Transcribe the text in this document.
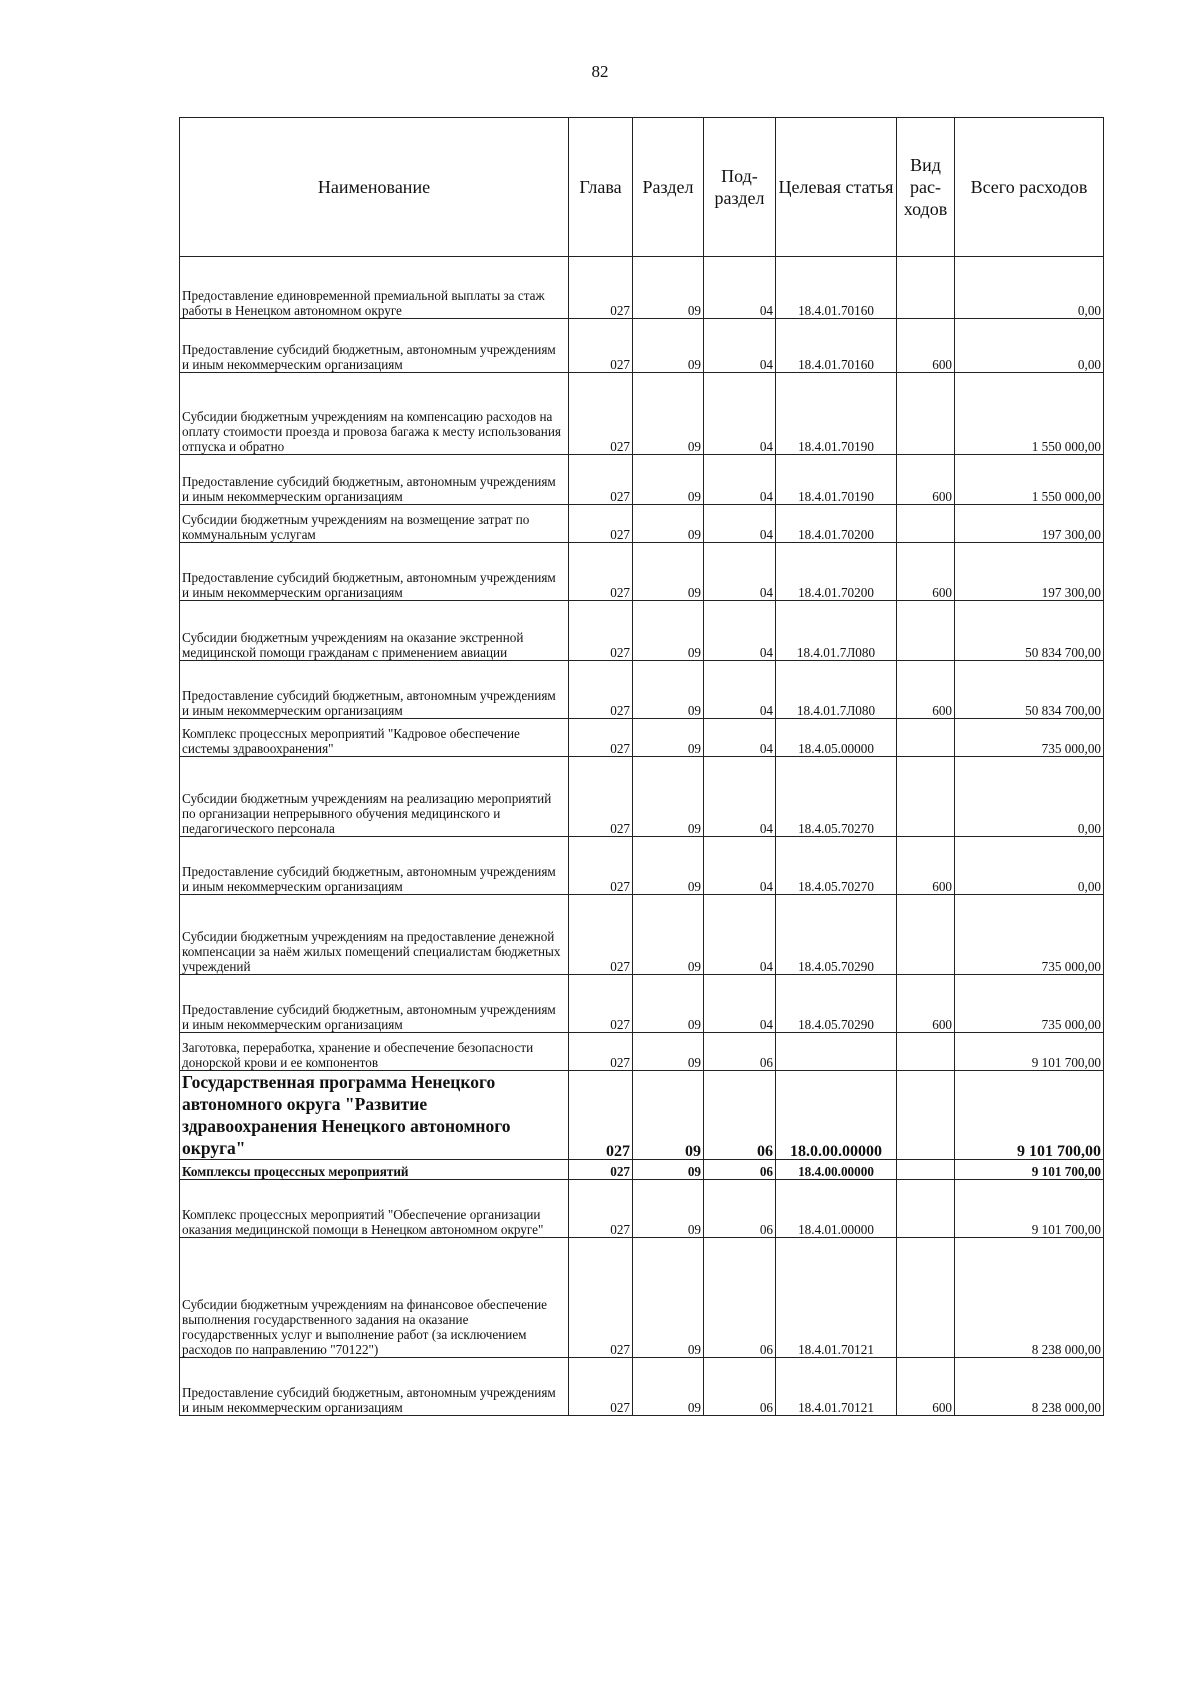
82
Наименование	Глава	Раздел	Под-раздел	Целевая статья	Вид рас-ходов	Всего расходов
Предоставление единовременной премиальной выплаты за стаж работы в Ненецком автономном округе	027	09	04	18.4.01.70160		0,00
Предоставление субсидий бюджетным, автономным учреждениям и иным некоммерческим организациям	027	09	04	18.4.01.70160	600	0,00
Субсидии бюджетным учреждениям на компенсацию расходов на оплату стоимости проезда и провоза багажа к месту использования отпуска и обратно	027	09	04	18.4.01.70190		1 550 000,00
Предоставление субсидий бюджетным, автономным учреждениям и иным некоммерческим организациям	027	09	04	18.4.01.70190	600	1 550 000,00
Субсидии бюджетным учреждениям на возмещение затрат по коммунальным услугам	027	09	04	18.4.01.70200		197 300,00
Предоставление субсидий бюджетным, автономным учреждениям и иным некоммерческим организациям	027	09	04	18.4.01.70200	600	197 300,00
Субсидии бюджетным учреждениям на оказание экстренной медицинской помощи гражданам с применением авиации	027	09	04	18.4.01.7Л080		50 834 700,00
Предоставление субсидий бюджетным, автономным учреждениям и иным некоммерческим организациям	027	09	04	18.4.01.7Л080	600	50 834 700,00
Комплекс процессных мероприятий "Кадровое обеспечение системы здравоохранения"	027	09	04	18.4.05.00000		735 000,00
Субсидии бюджетным учреждениям на реализацию мероприятий по организации непрерывного обучения медицинского и педагогического персонала	027	09	04	18.4.05.70270		0,00
Предоставление субсидий бюджетным, автономным учреждениям и иным некоммерческим организациям	027	09	04	18.4.05.70270	600	0,00
Субсидии бюджетным учреждениям на предоставление денежной компенсации за наём жилых помещений специалистам бюджетных учреждений	027	09	04	18.4.05.70290		735 000,00
Предоставление субсидий бюджетным, автономным учреждениям и иным некоммерческим организациям	027	09	04	18.4.05.70290	600	735 000,00
Заготовка, переработка, хранение и обеспечение безопасности донорской крови и ее компонентов	027	09	06			9 101 700,00
Государственная программа Ненецкого автономного округа "Развитие здравоохранения Ненецкого автономного округа"	027	09	06	18.0.00.00000		9 101 700,00
Комплексы процессных мероприятий	027	09	06	18.4.00.00000		9 101 700,00
Комплекс процессных мероприятий "Обеспечение организации оказания медицинской помощи в Ненецком автономном округе"	027	09	06	18.4.01.00000		9 101 700,00
Субсидии бюджетным учреждениям на финансовое обеспечение выполнения государственного задания на оказание государственных услуг и выполнение работ (за исключением расходов по направлению "70122")	027	09	06	18.4.01.70121		8 238 000,00
Предоставление субсидий бюджетным, автономным учреждениям и иным некоммерческим организациям	027	09	06	18.4.01.70121	600	8 238 000,00
